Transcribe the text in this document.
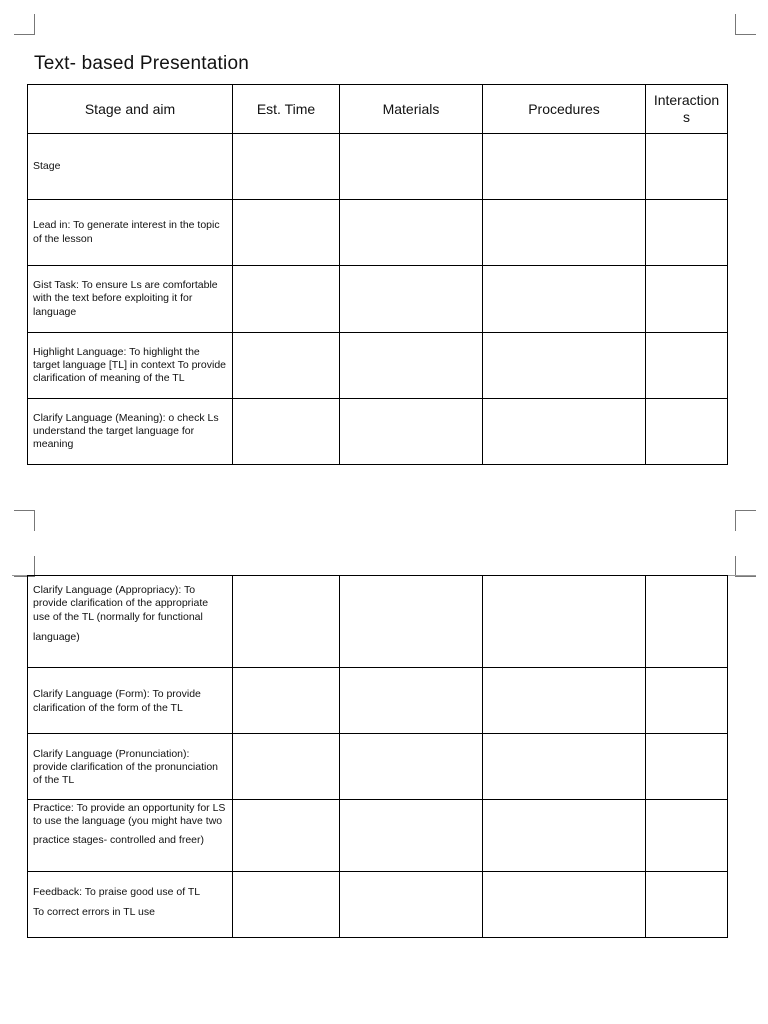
Text- based Presentation
Stage and aim	Est. Time	Materials	Procedures	Interaction
s
Stage				
Lead in: To generate interest in the topic of the lesson				
Gist Task: To ensure Ls are comfortable with the text before exploiting it for language				
Highlight Language: To highlight the target language [TL] in context To provide clarification of meaning of the TL				
Clarify Language (Meaning): o check Ls understand the target language for meaning				
Clarify Language (Appropriacy): To provide clarification of the appropriate use of the TL (normally for functional
language)				
Clarify Language (Form): To provide clarification of the form of the TL				
Clarify Language (Pronunciation): provide clarification of the pronunciation of the TL				
Practice: To provide an opportunity for LS to use the language (you might have two
practice stages- controlled and freer)				
Feedback: To praise good use of TL
To correct errors in TL use				
